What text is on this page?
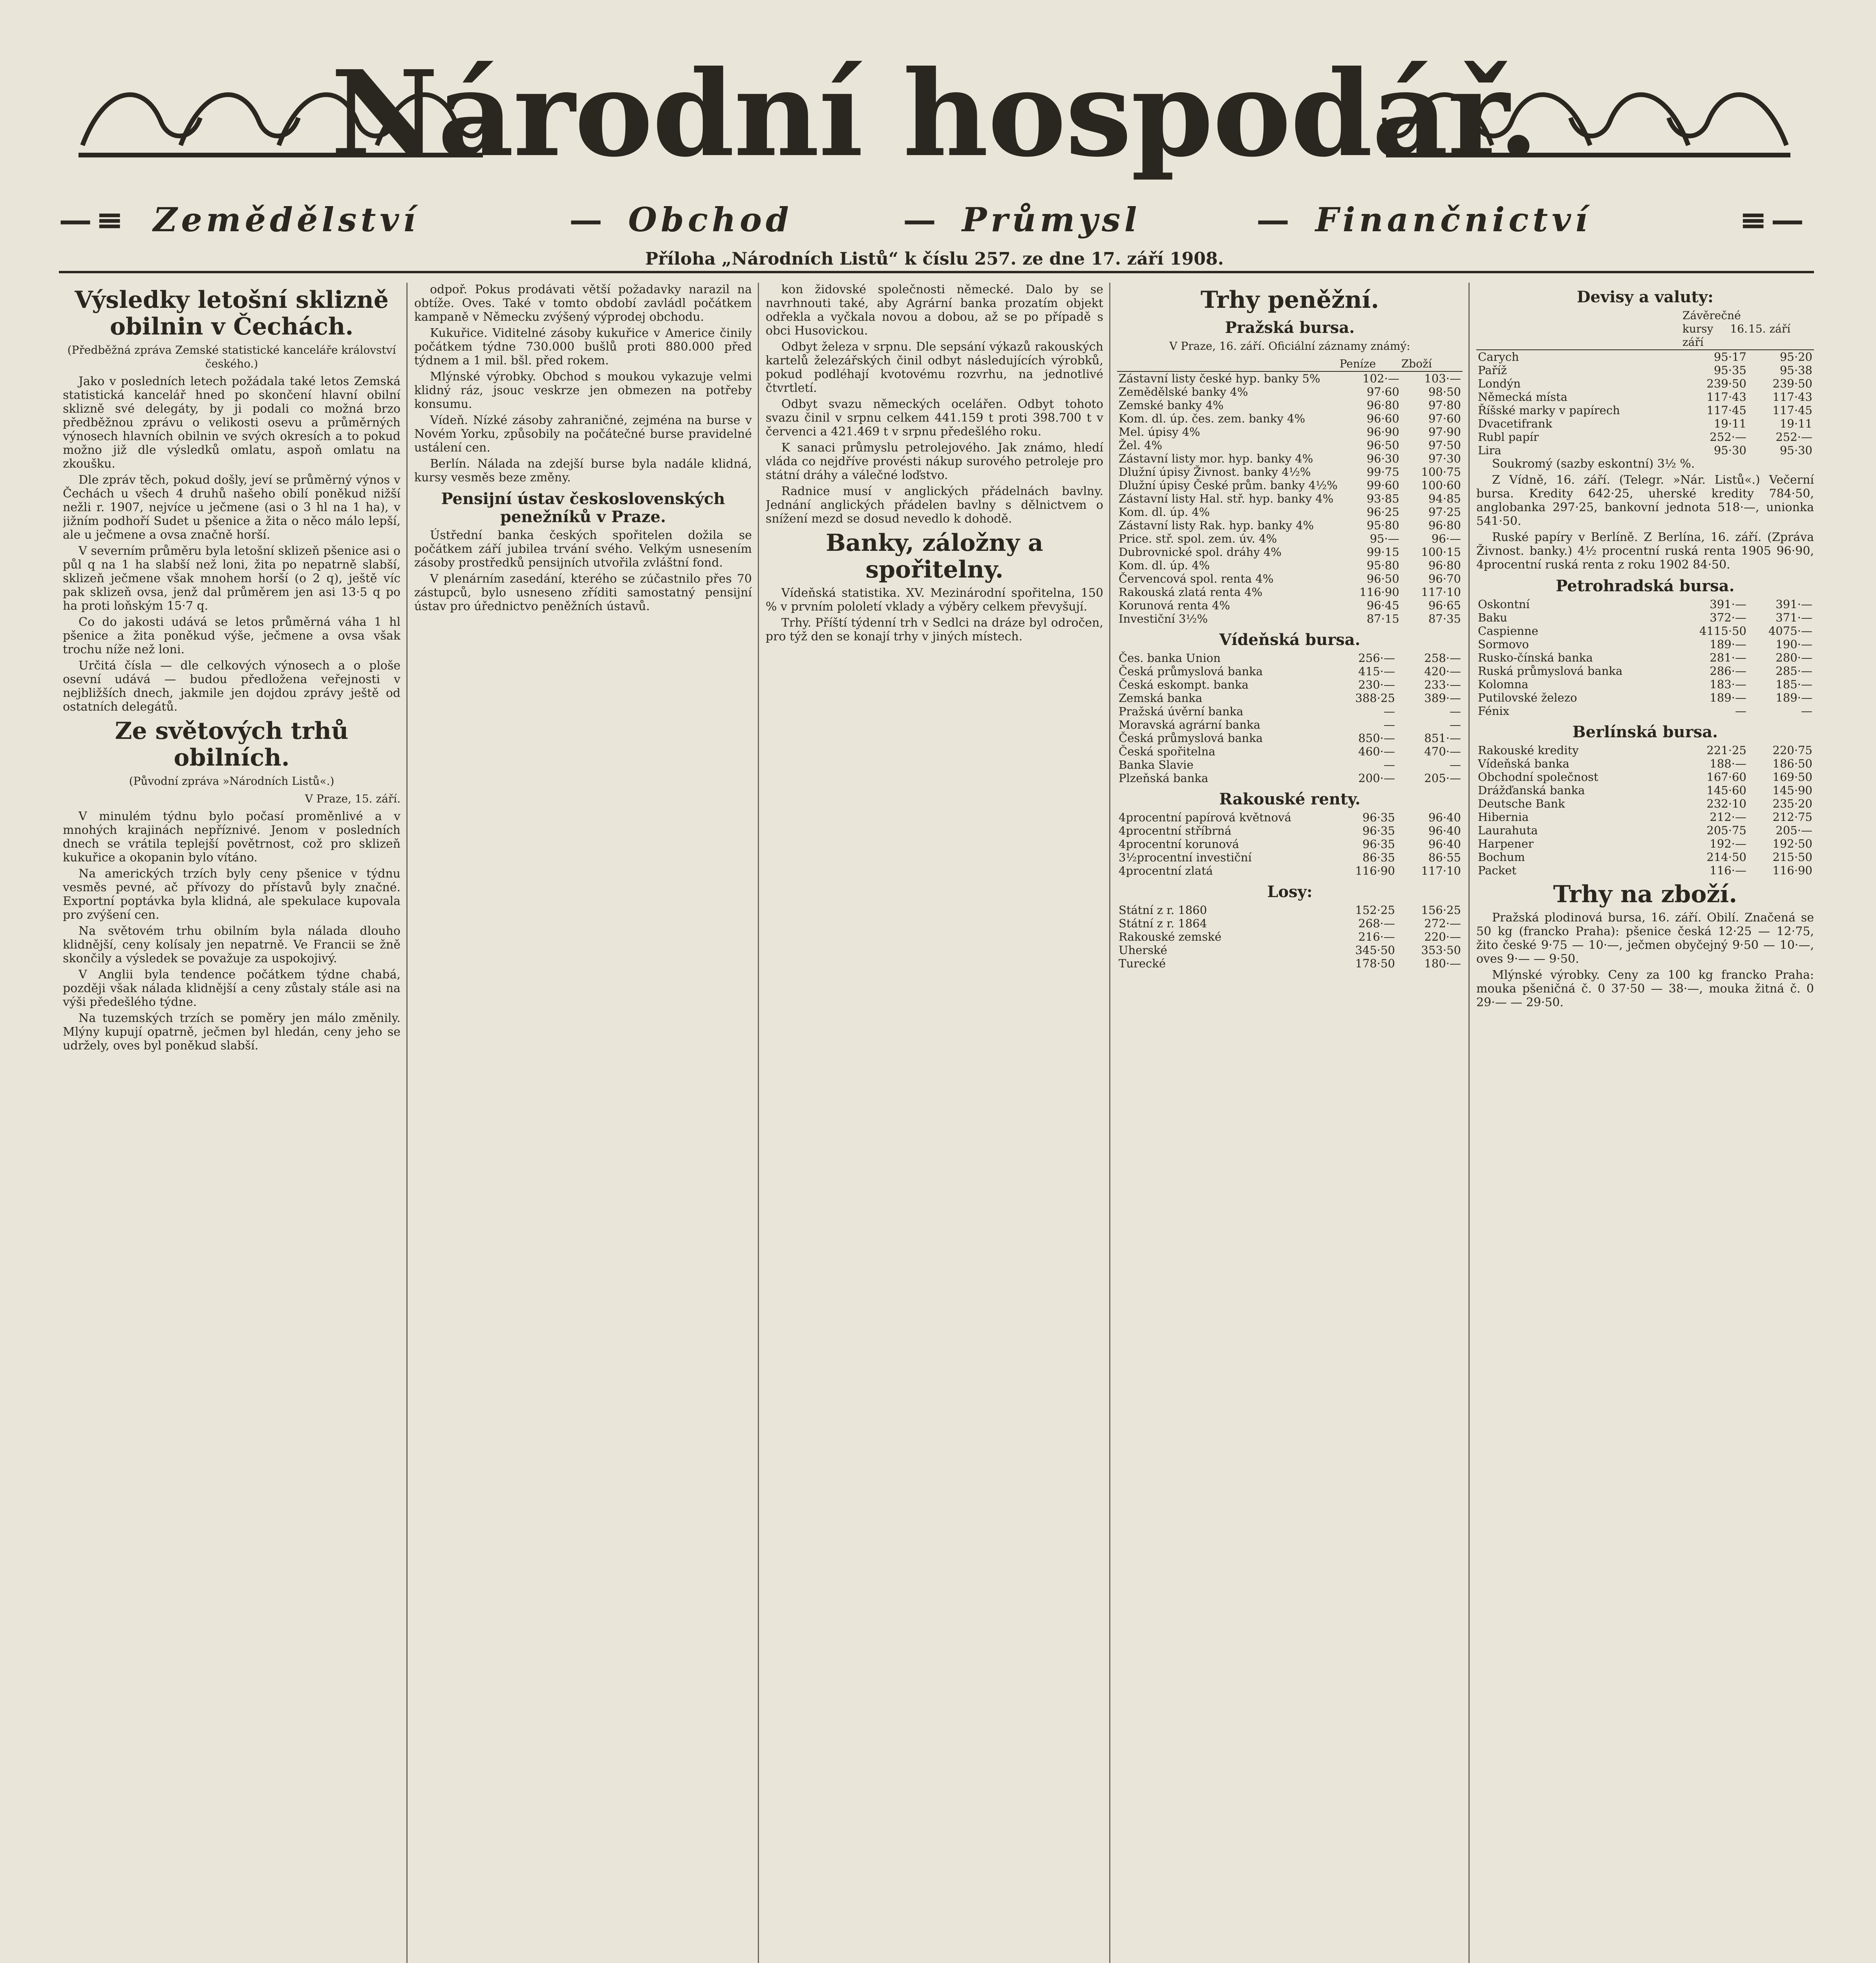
Národní hospodář.
—≡ Zemědělství	— Obchod	— Průmysl	— Finančnictví	≡—
Příloha „Národních Listů“ k číslu 257. ze dne 17. září 1908.
Výsledky letošní sklizně obilnin v Čechách.

(Předběžná zpráva Zemské statistické kanceláře království českého.)

Jako v posledních letech požádala také letos Zemská statistická kancelář hned po skončení hlavní obilní sklizně své delegáty, by ji podali co možná brzo předběžnou zprávu o velikosti osevu a průměrných výnosech hlavních obilnin ve svých okresích a to pokud možno již dle výsledků omlatu, aspoň omlatu na zkoušku.

Dle zpráv těch, pokud došly, jeví se průměrný výnos v Čechách u všech 4 druhů našeho obilí poněkud nižší nežli r. 1907, nejvíce u ječmene (asi o 3 hl na 1 ha), v jižním podhoří Sudet u pšenice a žita o něco málo lepší, ale u ječmene a ovsa značně horší.

V severním průměru byla letošní sklizeň pšenice asi o půl q na 1 ha slabší než loni, žita po nepatrně slabší, sklizeň ječmene však mnohem horší (o 2 q), ještě víc pak sklizeň ovsa, jenž dal průměrem jen asi 13·5 q po ha proti loňským 15·7 q.

Co do jakosti udává se letos průměrná váha 1 hl pšenice a žita poněkud výše, ječmene a ovsa však trochu níže než loni.

Určitá čísla — dle celkových výnosech a o ploše osevní udává — budou předložena veřejnosti v nejbližších dnech, jakmile jen dojdou zprávy ještě od ostatních delegátů.

Ze světových trhů obilních.

(Původní zpráva »Národních Listů«.)

V Praze, 15. září.

V minulém týdnu bylo počasí proměnlivé a v mnohých krajinách nepříznivé. Jenom v posledních dnech se vrátila teplejší povětrnost, což pro sklizeň kukuřice a okopanin bylo vítáno.

Na amerických trzích byly ceny pšenice v týdnu vesměs pevné, ač přívozy do přístavů byly značné. Exportní poptávka byla klidná, ale spekulace kupovala pro zvýšení cen.

Na světovém trhu obilním byla nálada dlouho klidnější, ceny kolísaly jen nepatrně. Ve Francii se žně skončily a výsledek se považuje za uspokojivý.

V Anglii byla tendence počátkem týdne chabá, později však nálada klidnější a ceny zůstaly stále asi na výši předešlého týdne.

Na tuzemských trzích se poměry jen málo změnily. Mlýny kupují opatrně, ječmen byl hledán, ceny jeho se udržely, oves byl poněkud slabší.

odpoř. Pokus prodávati větší požadavky narazil na obtíže. Oves. Také v tomto období zavládl počátkem kampaně v Německu zvýšený výprodej obchodu.

Kukuřice. Viditelné zásoby kukuřice v Americe činily počátkem týdne 730.000 bušlů proti 880.000 před týdnem a 1 mil. bšl. před rokem.

Mlýnské výrobky. Obchod s moukou vykazuje velmi klidný ráz, jsouc veskrze jen obmezen na potřeby konsumu.

Vídeň. Nízké zásoby zahraničné, zejména na burse v Novém Yorku, způsobily na počátečné burse pravidelné ustálení cen.

Berlín. Nálada na zdejší burse byla nadále klidná, kursy vesměs beze změny.

Pensijní ústav československých penežníků v Praze.

Ústřední banka českých spořitelen dožila se počátkem září jubilea trvání svého. Velkým usnesením zásoby prostředků pensijních utvořila zvláštní fond.

V plenárním zasedání, kterého se zúčastnilo přes 70 zástupců, bylo usneseno zříditi samostatný pensijní ústav pro úřednictvo peněžních ústavů.

kon židovské společnosti německé. Dalo by se navrhnouti také, aby Agrární banka prozatím objekt odřekla a vyčkala novou a dobou, až se po případě s obci Husovickou.

Odbyt železa v srpnu. Dle sepsání výkazů rakouských kartelů železářských činil odbyt následujících výrobků, pokud podléhají kvotovému rozvrhu, na jednotlivé čtvrtletí.

Odbyt svazu německých ocelářen. Odbyt tohoto svazu činil v srpnu celkem 441.159 t proti 398.700 t v červenci a 421.469 t v srpnu předešlého roku.

K sanaci průmyslu petrolejového. Jak známo, hledí vláda co nejdříve provésti nákup surového petroleje pro státní dráhy a válečné loďstvo.

Radnice musí v anglických přádelnách bavlny. Jednání anglických přádelen bavlny s dělnictvem o snížení mezd se dosud nevedlo k dohodě.

Banky, záložny a spořitelny.

Vídeňská statistika. XV. Mezinárodní spořitelna, 150 % v prvním pololetí vklady a výběry celkem převyšují.

Trhy. Příští týdenní trh v Sedlci na dráze byl odročen, pro týž den se konají trhy v jiných místech.

Trhy peněžní.
Pražská bursa.

V Praze, 16. září. Oficiální záznamy známý:

	Peníze	Zboží
Zástavní listy české hyp. banky 5%	102·—	103·—
Zemědělské banky 4%	97·60	98·50
Zemské banky 4%	96·80	97·80
Kom. dl. úp. čes. zem. banky 4%	96·60	97·60
Mel. úpisy 4%	96·90	97·90
Žel. 4%	96·50	97·50
Zástavní listy mor. hyp. banky 4%	96·30	97·30
Dlužní úpisy Živnost. banky 4½%	99·75	100·75
Dlužní úpisy České prům. banky 4½%	99·60	100·60
Zástavní listy Hal. stř. hyp. banky 4%	93·85	94·85
Kom. dl. úp. 4%	96·25	97·25
Zástavní listy Rak. hyp. banky 4%	95·80	96·80
Price. stř. spol. zem. úv. 4%	95·—	96·—
Dubrovnické spol. dráhy 4%	99·15	100·15
Kom. dl. úp. 4%	95·80	96·80
Červencová spol. renta 4%	96·50	96·70
Rakouská zlatá renta 4%	116·90	117·10
Korunová renta 4%	96·45	96·65
Investiční 3½%	87·15	87·35
Vídeňská bursa.
Čes. banka Union	256·—	258·—
Česká průmyslová banka	415·—	420·—
Česká eskompt. banka	230·—	233·—
Zemská banka	388·25	389·—
Pražská úvěrní banka	—	—
Moravská agrární banka	—	—
Česká průmyslová banka	850·—	851·—
Česká spořitelna	460·—	470·—
Banka Slavie	—	—
Plzeňská banka	200·—	205·—
Rakouské renty.
4procentní papírová květnová	96·35	96·40
4procentní stříbrná	96·35	96·40
4procentní korunová	96·35	96·40
3½procentní investiční	86·35	86·55
4procentní zlatá	116·90	117·10
Losy:
Státní z r. 1860	152·25	156·25
Státní z r. 1864	268·—	272·—
Rakouské zemské	216·—	220·—
Uherské	345·50	353·50
Turecké	178·50	180·—
Devisy a valuty:
	Závěrečné kursy 16. září	15. září
Carych	95·17	95·20
Paříž	95·35	95·38
Londýn	239·50	239·50
Německá místa	117·43	117·43
Říšské marky v papírech	117·45	117·45
Dvacetifrank	19·11	19·11
Rubl papír	252·—	252·—
Lira	95·30	95·30

Soukromý (sazby eskontní) 3½ %.

Z Vídně, 16. září. (Telegr. »Nár. Listů«.) Večerní bursa. Kredity 642·25, uherské kredity 784·50, anglobanka 297·25, bankovní jednota 518·—, unionka 541·50.

Ruské papíry v Berlíně. Z Berlína, 16. září. (Zpráva Živnost. banky.) 4½ procentní ruská renta 1905 96·90, 4procentní ruská renta z roku 1902 84·50.

Petrohradská bursa.
Oskontní	391·—	391·—
Baku	372·—	371·—
Caspienne	4115·50	4075·—
Sormovo	189·—	190·—
Rusko-čínská banka	281·—	280·—
Ruská průmyslová banka	286·—	285·—
Kolomna	183·—	185·—
Putilovské železo	189·—	189·—
Fénix	—	—
Berlínská bursa.
Rakouské kredity	221·25	220·75
Vídeňská banka	188·—	186·50
Obchodní společnost	167·60	169·50
Drážďanská banka	145·60	145·90
Deutsche Bank	232·10	235·20
Hibernia	212·—	212·75
Laurahuta	205·75	205·—
Harpener	192·—	192·50
Bochum	214·50	215·50
Packet	116·—	116·90
Trhy na zboží.

Pražská plodinová bursa, 16. září. Obilí. Značená se 50 kg (francko Praha): pšenice česká 12·25 — 12·75, žito české 9·75 — 10·—, ječmen obyčejný 9·50 — 10·—, oves 9·— — 9·50.

Mlýnské výrobky. Ceny za 100 kg francko Praha: mouka pšeničná č. 0 37·50 — 38·—, mouka žitná č. 0 29·— — 29·50.
